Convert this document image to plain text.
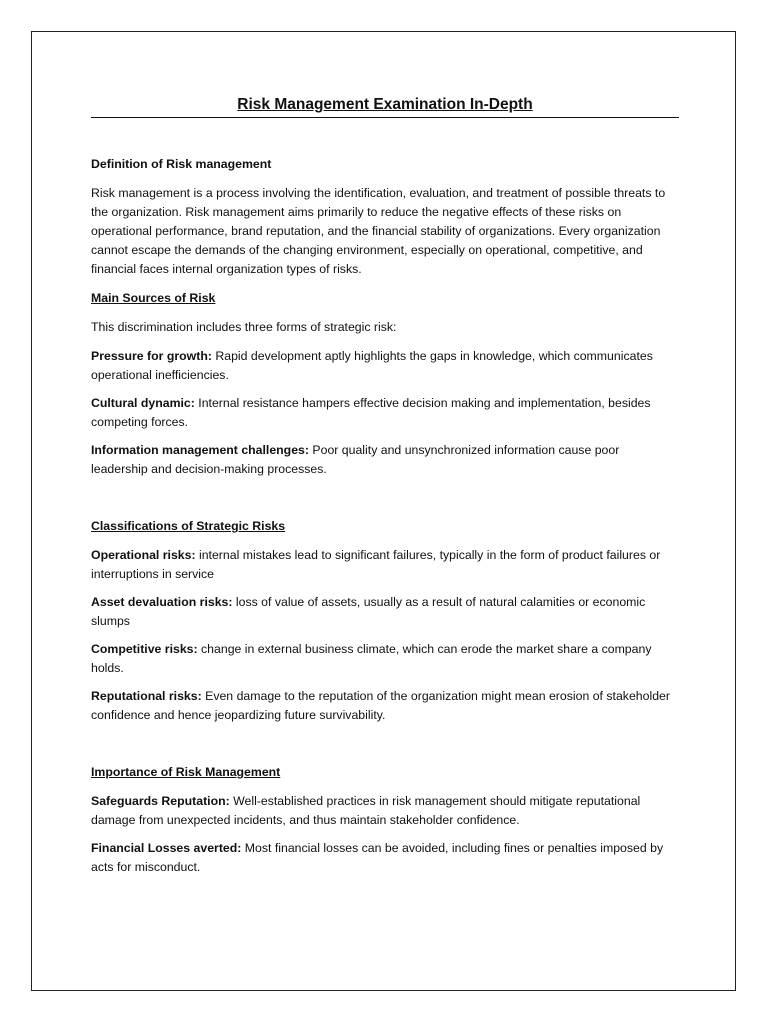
Risk Management Examination In-Depth

Definition of Risk management

Risk management is a process involving the identification, evaluation, and treatment of possible threats to the organization. Risk management aims primarily to reduce the negative effects of these risks on operational performance, brand reputation, and the financial stability of organizations. Every organization cannot escape the demands of the changing environment, especially on operational, competitive, and financial faces internal organization types of risks.

Main Sources of Risk

This discrimination includes three forms of strategic risk:

Pressure for growth: Rapid development aptly highlights the gaps in knowledge, which communicates operational inefficiencies.

Cultural dynamic: Internal resistance hampers effective decision making and implementation, besides competing forces.

Information management challenges: Poor quality and unsynchronized information cause poor leadership and decision-making processes.

Classifications of Strategic Risks

Operational risks: internal mistakes lead to significant failures, typically in the form of product failures or interruptions in service

Asset devaluation risks: loss of value of assets, usually as a result of natural calamities or economic slumps

Competitive risks: change in external business climate, which can erode the market share a company holds.

Reputational risks: Even damage to the reputation of the organization might mean erosion of stakeholder confidence and hence jeopardizing future survivability.

Importance of Risk Management

Safeguards Reputation: Well-established practices in risk management should mitigate reputational damage from unexpected incidents, and thus maintain stakeholder confidence.

Financial Losses averted: Most financial losses can be avoided, including fines or penalties imposed by acts for misconduct.
